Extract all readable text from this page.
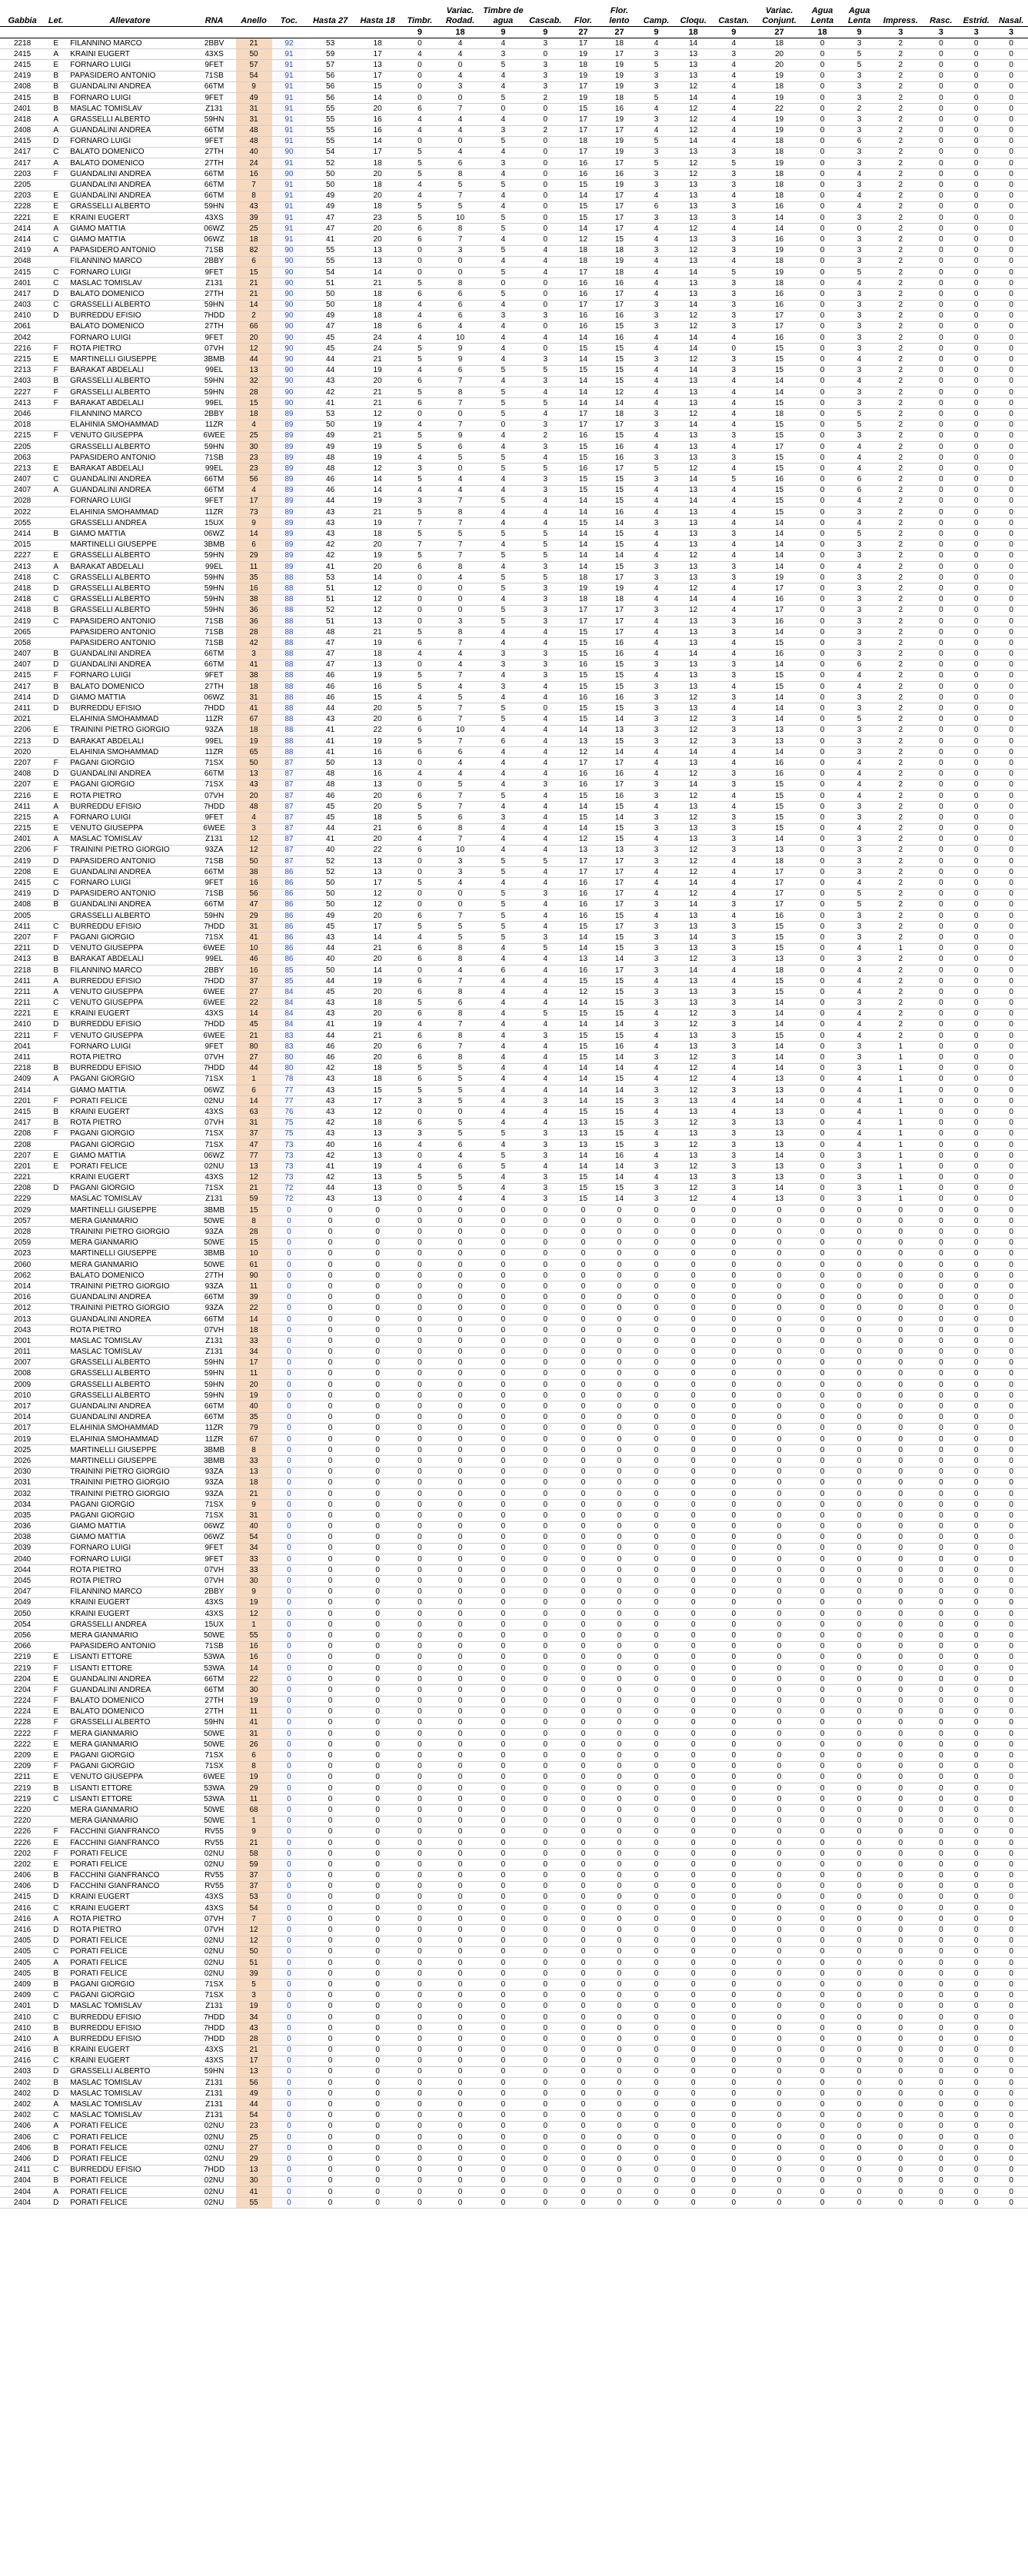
Gabbia	Let.	Allevatore	RNA	Anello	Toc.	Hasta 27	Hasta 18	Timbr.	Variac. Rodad.	Timbre de agua	Cascab.	Flor.	Flor. lento	Camp.	Cloqu.	Castan.	Variac. Conjunt.	Agua Lenta	Agua Lenta	Impress.	Rasc.	Estrid.	Nasal.
								9	18	9	9	27	27	9	18	9	27	18	9	3	3	3	3
2218	E	FILANNINO MARCO	2BBV	21	92	53	18	0	4	4	3	17	18	4	14	4	18	0	3	2	0	0	0
2415	A	KRAINI EUGERT	43XS	50	91	59	17	4	4	3	0	19	17	3	13	3	20	0	5	2	0	0	0
2415	E	FORNARO LUIGI	9FET	57	91	57	13	0	0	5	3	18	19	5	13	4	20	0	5	2	0	0	0
2419	B	PAPASIDERO ANTONIO	71SB	54	91	56	17	0	4	4	3	19	19	3	13	4	19	0	3	2	0	0	0
2408	B	GUANDALINI ANDREA	66TM	9	91	56	15	0	3	4	3	17	19	3	12	4	18	0	3	2	0	0	0
2415	B	FORNARO LUIGI	9FET	49	91	56	14	0	0	5	2	19	18	5	14	4	19	0	3	2	0	0	0
2401	B	MASLAC TOMISLAV	Z131	31	91	55	20	6	7	0	0	15	16	4	12	4	22	0	2	2	0	0	0
2418	A	GRASSELLI ALBERTO	59HN	31	91	55	16	4	4	4	0	17	19	3	12	4	19	0	3	2	0	0	0
2408	A	GUANDALINI ANDREA	66TM	48	91	55	16	4	4	3	2	17	17	4	12	4	19	0	3	2	0	0	0
2415	D	FORNARO LUIGI	9FET	48	91	55	14	0	0	5	0	18	19	5	14	4	18	0	6	2	0	0	0
2417	C	BALATO DOMENICO	27TH	40	90	54	17	5	4	4	0	17	19	3	13	3	18	0	3	2	0	0	0
2417	A	BALATO DOMENICO	27TH	24	91	52	18	5	6	3	0	16	17	5	12	5	19	0	3	2	0	0	0
2203	F	GUANDALINI ANDREA	66TM	16	90	50	20	5	8	4	0	16	16	3	12	3	18	0	4	2	0	0	0
2205		GUANDALINI ANDREA	66TM	7	91	50	18	4	5	5	0	15	19	3	13	3	18	0	3	2	0	0	0
2203	E	GUANDALINI ANDREA	66TM	8	91	49	20	4	7	4	0	14	17	4	13	4	18	0	4	2	0	0	0
2228	E	GRASSELLI ALBERTO	59HN	43	91	49	18	5	5	4	0	15	17	6	13	3	16	0	4	2	0	0	0
2221	E	KRAINI EUGERT	43XS	39	91	47	23	5	10	5	0	15	17	3	13	3	14	0	3	2	0	0	0
2414	A	GIAMO MATTIA	06WZ	25	91	47	20	6	8	5	0	14	17	4	12	4	14	0	0	2	0	0	0
2414	C	GIAMO MATTIA	06WZ	18	91	41	20	6	7	4	0	12	15	4	13	3	16	0	3	2	0	0	0
2419	A	PAPASIDERO ANTONIO	71SB	82	90	55	13	0	3	5	4	18	18	3	12	3	19	0	3	2	0	0	0
2048		FILANNINO MARCO	2BBY	6	90	55	13	0	0	4	4	18	19	4	13	4	18	0	3	2	0	0	0
2415	C	FORNARO LUIGI	9FET	15	90	54	14	0	0	5	4	17	18	4	14	5	19	0	5	2	0	0	0
2401	C	MASLAC TOMISLAV	Z131	21	90	51	21	5	8	0	0	16	16	4	13	3	18	0	4	2	0	0	0
2417	D	BALATO DOMENICO	27TH	21	90	50	18	6	6	5	0	16	17	4	13	3	16	0	3	2	0	0	0
2403	C	GRASSELLI ALBERTO	59HN	14	90	50	18	4	6	4	0	17	17	3	14	3	16	0	3	2	0	0	0
2410	D	BURREDDU EFISIO	7HDD	2	90	49	18	4	6	3	3	16	16	3	12	3	17	0	3	2	0	0	0
2061		BALATO DOMENICO	27TH	66	90	47	18	6	4	4	0	16	15	3	12	3	17	0	3	2	0	0	0
2042		FORNARO LUIGI	9FET	20	90	45	24	4	10	4	4	14	16	4	14	4	16	0	3	2	0	0	0
2216	F	ROTA PIETRO	07VH	12	90	45	24	5	9	4	0	15	15	4	14	0	15	0	3	2	0	0	0
2215	E	MARTINELLI GIUSEPPE	3BMB	44	90	44	21	5	9	4	3	14	15	3	12	3	15	0	4	2	0	0	0
2213	F	BARAKAT ABDELALI	99EL	13	90	44	19	4	6	5	5	15	15	4	14	3	15	0	3	2	0	0	0
2403	B	GRASSELLI ALBERTO	59HN	32	90	43	20	6	7	4	3	14	15	4	13	4	14	0	4	2	0	0	0
2227	F	GRASSELLI ALBERTO	59HN	28	90	42	21	5	8	5	4	14	12	4	13	4	14	0	3	2	0	0	0
2413	F	BARAKAT ABDELALI	99EL	15	90	41	21	6	7	5	5	14	14	4	13	4	15	0	3	2	0	0	0
2046		FILANNINO MARCO	2BBY	18	89	53	12	0	0	5	4	17	18	3	12	4	18	0	5	2	0	0	0
2018		ELAHINIA SMOHAMMAD	11ZR	4	89	50	19	4	7	0	3	17	17	3	14	4	15	0	5	2	0	0	0
2215	F	VENUTO GIUSEPPA	6WEE	25	89	49	21	5	9	4	2	16	15	4	13	3	15	0	3	2	0	0	0
2205		GRASSELLI ALBERTO	59HN	30	89	49	19	5	6	4	3	15	16	4	13	4	17	0	4	2	0	0	0
2063		PAPASIDERO ANTONIO	71SB	23	89	48	19	4	5	5	4	15	16	3	13	3	15	0	4	2	0	0	0
2213	E	BARAKAT ABDELALI	99EL	23	89	48	12	3	0	5	5	16	17	5	12	4	15	0	4	2	0	0	0
2407	C	GUANDALINI ANDREA	66TM	56	89	46	14	5	4	4	3	15	15	3	14	5	16	0	6	2	0	0	0
2407	A	GUANDALINI ANDREA	66TM	4	89	46	14	4	4	4	3	15	15	4	13	4	15	0	6	2	0	0	0
2028		FORNARO LUIGI	9FET	17	89	44	19	3	7	5	4	14	15	4	14	4	15	0	4	2	0	0	0
2022		ELAHINIA SMOHAMMAD	11ZR	73	89	43	21	5	8	4	4	14	16	4	13	4	15	0	3	2	0	0	0
2055		GRASSELLI ANDREA	15UX	9	89	43	19	7	7	4	4	15	14	3	13	4	14	0	4	2	0	0	0
2414	B	GIAMO MATTIA	06WZ	14	89	43	18	5	5	5	5	14	15	4	13	3	14	0	5	2	0	0	0
2015		MARTINELLI GIUSEPPE	3BMB	6	89	42	20	7	7	4	5	14	15	4	13	4	14	0	3	2	0	0	0
2227	E	GRASSELLI ALBERTO	59HN	29	89	42	19	5	7	5	5	14	14	4	12	4	14	0	3	2	0	0	0
2413	A	BARAKAT ABDELALI	99EL	11	89	41	20	6	8	4	3	14	15	3	13	3	14	0	4	2	0	0	0
2418	C	GRASSELLI ALBERTO	59HN	35	88	53	14	0	4	5	5	18	17	3	13	3	19	0	3	2	0	0	0
2418	D	GRASSELLI ALBERTO	59HN	16	88	51	12	0	0	5	3	19	19	4	12	4	17	0	3	2	0	0	0
2418	C	GRASSELLI ALBERTO	59HN	38	88	51	12	0	0	4	3	18	18	4	14	4	16	0	3	2	0	0	0
2418	B	GRASSELLI ALBERTO	59HN	36	88	52	12	0	0	5	3	17	17	3	12	4	17	0	3	2	0	0	0
2419	C	PAPASIDERO ANTONIO	71SB	36	88	51	13	0	3	5	3	17	17	4	13	3	16	0	3	2	0	0	0
2065		PAPASIDERO ANTONIO	71SB	28	88	48	21	5	8	4	4	15	17	4	13	3	14	0	3	2	0	0	0
2058		PAPASIDERO ANTONIO	71SB	42	88	47	19	6	7	4	4	15	16	4	13	4	15	0	3	2	0	0	0
2407	B	GUANDALINI ANDREA	66TM	3	88	47	18	4	4	3	3	15	16	4	14	4	16	0	3	2	0	0	0
2407	D	GUANDALINI ANDREA	66TM	41	88	47	13	0	4	3	3	16	15	3	13	3	14	0	6	2	0	0	0
2415	F	FORNARO LUIGI	9FET	38	88	46	19	5	7	4	3	15	15	4	13	3	15	0	4	2	0	0	0
2417	B	BALATO DOMENICO	27TH	18	88	46	16	5	4	3	4	15	15	3	13	4	15	0	4	2	0	0	0
2414	D	GIAMO MATTIA	06WZ	31	88	46	15	4	5	4	4	16	16	3	12	3	14	0	3	2	0	0	0
2411	D	BURREDDU EFISIO	7HDD	41	88	44	20	5	7	5	0	15	15	3	13	4	14	0	3	2	0	0	0
2021		ELAHINIA SMOHAMMAD	11ZR	67	88	43	20	6	7	5	4	15	14	3	12	3	14	0	5	2	0	0	0
2206	E	TRAININI PIETRO GIORGIO	93ZA	18	88	41	22	6	10	4	4	14	13	3	12	3	13	0	3	2	0	0	0
2213	D	BARAKAT ABDELALI	99EL	19	88	41	19	5	7	6	4	13	15	3	12	3	13	0	3	2	0	0	0
2020		ELAHINIA SMOHAMMAD	11ZR	65	88	41	16	6	6	4	4	12	14	4	14	4	14	0	3	2	0	0	0
2207	F	PAGANI GIORGIO	71SX	50	87	50	13	0	4	4	4	17	17	4	13	4	16	0	4	2	0	0	0
2408	D	GUANDALINI ANDREA	66TM	13	87	48	16	4	4	4	4	16	16	4	12	3	16	0	4	2	0	0	0
2207	E	PAGANI GIORGIO	71SX	43	87	48	13	0	5	4	3	16	17	3	14	3	15	0	4	2	0	0	0
2216	E	ROTA PIETRO	07VH	20	87	46	20	6	7	5	4	15	16	3	12	4	15	0	4	2	0	0	0
2411	A	BURREDDU EFISIO	7HDD	48	87	45	20	5	7	4	4	14	15	4	13	4	15	0	3	2	0	0	0
2215	A	FORNARO LUIGI	9FET	4	87	45	18	5	6	3	4	15	14	3	12	3	15	0	3	2	0	0	0
2215	E	VENUTO GIUSEPPA	6WEE	3	87	44	21	6	8	4	4	14	15	3	13	3	15	0	4	2	0	0	0
2401	A	MASLAC TOMISLAV	Z131	12	87	41	20	4	7	4	4	12	15	4	13	3	14	0	3	2	0	0	0
2206	F	TRAININI PIETRO GIORGIO	93ZA	12	87	40	22	6	10	4	4	13	13	3	12	3	13	0	3	2	0	0	0
2419	D	PAPASIDERO ANTONIO	71SB	50	87	52	13	0	3	5	5	17	17	3	12	4	18	0	3	2	0	0	0
2208	E	GUANDALINI ANDREA	66TM	38	86	52	13	0	3	5	4	17	17	4	12	4	17	0	3	2	0	0	0
2415	C	FORNARO LUIGI	9FET	16	86	50	17	5	4	4	4	16	17	4	14	4	17	0	4	2	0	0	0
2419	D	PAPASIDERO ANTONIO	71SB	56	86	50	12	0	0	5	3	16	17	4	12	4	17	0	5	2	0	0	0
2408	B	GUANDALINI ANDREA	66TM	47	86	50	12	0	0	5	4	16	17	3	14	3	17	0	5	2	0	0	0
2005		GRASSELLI ALBERTO	59HN	29	86	49	20	6	7	5	4	16	15	4	13	4	16	0	3	2	0	0	0
2411	C	BURREDDU EFISIO	7HDD	31	86	45	17	5	5	5	4	15	17	3	13	3	15	0	3	2	0	0	0
2207	F	PAGANI GIORGIO	71SX	41	86	43	14	4	5	5	3	14	15	3	14	3	15	0	3	2	0	0	0
2211	D	VENUTO GIUSEPPA	6WEE	10	86	44	21	6	8	4	5	14	15	3	13	3	15	0	4	1	0	0	0
2413	B	BARAKAT ABDELALI	99EL	46	86	40	20	6	8	4	4	13	14	3	12	3	13	0	3	2	0	0	0
2218	B	FILANNINO MARCO	2BBY	16	85	50	14	0	4	6	4	16	17	3	14	4	18	0	4	2	0	0	0
2411	A	BURREDDU EFISIO	7HDD	37	85	44	19	6	7	4	4	15	15	4	13	4	15	0	4	2	0	0	0
2211	A	VENUTO GIUSEPPA	6WEE	27	84	45	20	6	8	4	4	12	15	3	13	3	15	0	4	2	0	0	0
2211	C	VENUTO GIUSEPPA	6WEE	22	84	43	18	5	6	4	4	14	15	3	13	3	14	0	3	2	0	0	0
2221	E	KRAINI EUGERT	43XS	14	84	43	20	6	8	4	5	15	15	4	12	3	14	0	4	2	0	0	0
2410	D	BURREDDU EFISIO	7HDD	45	84	41	19	4	7	4	4	14	14	3	12	3	14	0	4	2	0	0	0
2211	F	VENUTO GIUSEPPA	6WEE	21	83	44	21	6	8	4	3	15	15	4	13	3	15	0	4	2	0	0	0
2041		FORNARO LUIGI	9FET	80	83	46	20	6	7	4	4	15	16	4	13	3	14	0	3	1	0	0	0
2411		ROTA PIETRO	07VH	27	80	46	20	6	8	4	4	15	14	3	12	3	14	0	3	1	0	0	0
2218	B	BURREDDU EFISIO	7HDD	44	80	42	18	5	5	4	4	14	14	4	12	4	14	0	3	1	0	0	0
2409	A	PAGANI GIORGIO	71SX	1	78	43	18	6	5	4	4	14	15	4	12	4	13	0	4	1	0	0	0
2414		GIAMO MATTIA	06WZ	6	77	43	15	5	5	4	4	14	14	3	12	3	13	0	4	1	0	0	0
2201	F	PORATI FELICE	02NU	14	77	43	17	3	5	4	3	14	15	3	13	4	14	0	4	1	0	0	0
2415	B	KRAINI EUGERT	43XS	63	76	43	12	0	0	4	4	15	15	4	13	4	13	0	4	1	0	0	0
2417	B	ROTA PIETRO	07VH	31	75	42	18	6	5	4	4	13	15	3	12	3	13	0	4	1	0	0	0
2208	F	PAGANI GIORGIO	71SX	37	75	43	13	3	5	5	3	13	15	4	13	3	13	0	4	1	0	0	0
2208		PAGANI GIORGIO	71SX	47	73	40	16	4	6	4	3	13	15	3	12	3	13	0	4	1	0	0	0
2207	E	GIAMO MATTIA	06WZ	77	73	42	13	0	4	5	3	14	16	4	13	3	14	0	3	1	0	0	0
2201	E	PORATI FELICE	02NU	13	73	41	19	4	6	5	4	14	14	3	12	3	13	0	3	1	0	0	0
2221		KRAINI EUGERT	43XS	12	73	42	13	5	5	4	3	15	14	4	13	3	13	0	3	1	0	0	0
2208	D	PAGANI GIORGIO	71SX	21	72	44	13	0	5	4	3	15	15	3	12	3	14	0	3	1	0	0	0
2229		MASLAC TOMISLAV	Z131	59	72	43	13	0	4	4	3	15	14	3	12	4	13	0	3	1	0	0	0
2029		MARTINELLI GIUSEPPE	3BMB	15	0	0	0	0	0	0	0	0	0	0	0	0	0	0	0	0	0	0	0
2057		MERA GIANMARIO	50WE	8	0	0	0	0	0	0	0	0	0	0	0	0	0	0	0	0	0	0	0
2028		TRAININI PIETRO GIORGIO	93ZA	28	0	0	0	0	0	0	0	0	0	0	0	0	0	0	0	0	0	0	0
2059		MERA GIANMARIO	50WE	15	0	0	0	0	0	0	0	0	0	0	0	0	0	0	0	0	0	0	0
2023		MARTINELLI GIUSEPPE	3BMB	10	0	0	0	0	0	0	0	0	0	0	0	0	0	0	0	0	0	0	0
2060		MERA GIANMARIO	50WE	61	0	0	0	0	0	0	0	0	0	0	0	0	0	0	0	0	0	0	0
2062		BALATO DOMENICO	27TH	90	0	0	0	0	0	0	0	0	0	0	0	0	0	0	0	0	0	0	0
2014		TRAININI PIETRO GIORGIO	93ZA	11	0	0	0	0	0	0	0	0	0	0	0	0	0	0	0	0	0	0	0
2016		GUANDALINI ANDREA	66TM	39	0	0	0	0	0	0	0	0	0	0	0	0	0	0	0	0	0	0	0
2012		TRAININI PIETRO GIORGIO	93ZA	22	0	0	0	0	0	0	0	0	0	0	0	0	0	0	0	0	0	0	0
2013		GUANDALINI ANDREA	66TM	14	0	0	0	0	0	0	0	0	0	0	0	0	0	0	0	0	0	0	0
2043		ROTA PIETRO	07VH	18	0	0	0	0	0	0	0	0	0	0	0	0	0	0	0	0	0	0	0
2001		MASLAC TOMISLAV	Z131	33	0	0	0	0	0	0	0	0	0	0	0	0	0	0	0	0	0	0	0
2011		MASLAC TOMISLAV	Z131	34	0	0	0	0	0	0	0	0	0	0	0	0	0	0	0	0	0	0	0
2007		GRASSELLI ALBERTO	59HN	17	0	0	0	0	0	0	0	0	0	0	0	0	0	0	0	0	0	0	0
2008		GRASSELLI ALBERTO	59HN	11	0	0	0	0	0	0	0	0	0	0	0	0	0	0	0	0	0	0	0
2009		GRASSELLI ALBERTO	59HN	20	0	0	0	0	0	0	0	0	0	0	0	0	0	0	0	0	0	0	0
2010		GRASSELLI ALBERTO	59HN	19	0	0	0	0	0	0	0	0	0	0	0	0	0	0	0	0	0	0	0
2017		GUANDALINI ANDREA	66TM	40	0	0	0	0	0	0	0	0	0	0	0	0	0	0	0	0	0	0	0
2014		GUANDALINI ANDREA	66TM	35	0	0	0	0	0	0	0	0	0	0	0	0	0	0	0	0	0	0	0
2017		ELAHINIA SMOHAMMAD	11ZR	79	0	0	0	0	0	0	0	0	0	0	0	0	0	0	0	0	0	0	0
2019		ELAHINIA SMOHAMMAD	11ZR	67	0	0	0	0	0	0	0	0	0	0	0	0	0	0	0	0	0	0	0
2025		MARTINELLI GIUSEPPE	3BMB	8	0	0	0	0	0	0	0	0	0	0	0	0	0	0	0	0	0	0	0
2026		MARTINELLI GIUSEPPE	3BMB	33	0	0	0	0	0	0	0	0	0	0	0	0	0	0	0	0	0	0	0
2030		TRAININI PIETRO GIORGIO	93ZA	13	0	0	0	0	0	0	0	0	0	0	0	0	0	0	0	0	0	0	0
2031		TRAININI PIETRO GIORGIO	93ZA	18	0	0	0	0	0	0	0	0	0	0	0	0	0	0	0	0	0	0	0
2032		TRAININI PIETRO GIORGIO	93ZA	21	0	0	0	0	0	0	0	0	0	0	0	0	0	0	0	0	0	0	0
2034		PAGANI GIORGIO	71SX	9	0	0	0	0	0	0	0	0	0	0	0	0	0	0	0	0	0	0	0
2035		PAGANI GIORGIO	71SX	31	0	0	0	0	0	0	0	0	0	0	0	0	0	0	0	0	0	0	0
2036		GIAMO MATTIA	06WZ	40	0	0	0	0	0	0	0	0	0	0	0	0	0	0	0	0	0	0	0
2038		GIAMO MATTIA	06WZ	54	0	0	0	0	0	0	0	0	0	0	0	0	0	0	0	0	0	0	0
2039		FORNARO LUIGI	9FET	34	0	0	0	0	0	0	0	0	0	0	0	0	0	0	0	0	0	0	0
2040		FORNARO LUIGI	9FET	33	0	0	0	0	0	0	0	0	0	0	0	0	0	0	0	0	0	0	0
2044		ROTA PIETRO	07VH	33	0	0	0	0	0	0	0	0	0	0	0	0	0	0	0	0	0	0	0
2045		ROTA PIETRO	07VH	30	0	0	0	0	0	0	0	0	0	0	0	0	0	0	0	0	0	0	0
2047		FILANNINO MARCO	2BBY	9	0	0	0	0	0	0	0	0	0	0	0	0	0	0	0	0	0	0	0
2049		KRAINI EUGERT	43XS	19	0	0	0	0	0	0	0	0	0	0	0	0	0	0	0	0	0	0	0
2050		KRAINI EUGERT	43XS	12	0	0	0	0	0	0	0	0	0	0	0	0	0	0	0	0	0	0	0
2054		GRASSELLI ANDREA	15UX	1	0	0	0	0	0	0	0	0	0	0	0	0	0	0	0	0	0	0	0
2056		MERA GIANMARIO	50WE	55	0	0	0	0	0	0	0	0	0	0	0	0	0	0	0	0	0	0	0
2066		PAPASIDERO ANTONIO	71SB	16	0	0	0	0	0	0	0	0	0	0	0	0	0	0	0	0	0	0	0
2219	E	LISANTI ETTORE	53WA	16	0	0	0	0	0	0	0	0	0	0	0	0	0	0	0	0	0	0	0
2219	F	LISANTI ETTORE	53WA	14	0	0	0	0	0	0	0	0	0	0	0	0	0	0	0	0	0	0	0
2204	E	GUANDALINI ANDREA	66TM	22	0	0	0	0	0	0	0	0	0	0	0	0	0	0	0	0	0	0	0
2204	F	GUANDALINI ANDREA	66TM	30	0	0	0	0	0	0	0	0	0	0	0	0	0	0	0	0	0	0	0
2224	F	BALATO DOMENICO	27TH	19	0	0	0	0	0	0	0	0	0	0	0	0	0	0	0	0	0	0	0
2224	E	BALATO DOMENICO	27TH	11	0	0	0	0	0	0	0	0	0	0	0	0	0	0	0	0	0	0	0
2228	F	GRASSELLI ALBERTO	59HN	41	0	0	0	0	0	0	0	0	0	0	0	0	0	0	0	0	0	0	0
2222	F	MERA GIANMARIO	50WE	31	0	0	0	0	0	0	0	0	0	0	0	0	0	0	0	0	0	0	0
2222	E	MERA GIANMARIO	50WE	26	0	0	0	0	0	0	0	0	0	0	0	0	0	0	0	0	0	0	0
2209	E	PAGANI GIORGIO	71SX	6	0	0	0	0	0	0	0	0	0	0	0	0	0	0	0	0	0	0	0
2209	F	PAGANI GIORGIO	71SX	8	0	0	0	0	0	0	0	0	0	0	0	0	0	0	0	0	0	0	0
2211	E	VENUTO GIUSEPPA	6WEE	19	0	0	0	0	0	0	0	0	0	0	0	0	0	0	0	0	0	0	0
2219	B	LISANTI ETTORE	53WA	29	0	0	0	0	0	0	0	0	0	0	0	0	0	0	0	0	0	0	0
2219	C	LISANTI ETTORE	53WA	11	0	0	0	0	0	0	0	0	0	0	0	0	0	0	0	0	0	0	0
2220		MERA GIANMARIO	50WE	68	0	0	0	0	0	0	0	0	0	0	0	0	0	0	0	0	0	0	0
2220		MERA GIANMARIO	50WE	1	0	0	0	0	0	0	0	0	0	0	0	0	0	0	0	0	0	0	0
2226	F	FACCHINI GIANFRANCO	RV55	9	0	0	0	0	0	0	0	0	0	0	0	0	0	0	0	0	0	0	0
2226	E	FACCHINI GIANFRANCO	RV55	21	0	0	0	0	0	0	0	0	0	0	0	0	0	0	0	0	0	0	0
2202	F	PORATI FELICE	02NU	58	0	0	0	0	0	0	0	0	0	0	0	0	0	0	0	0	0	0	0
2202	E	PORATI FELICE	02NU	59	0	0	0	0	0	0	0	0	0	0	0	0	0	0	0	0	0	0	0
2406	B	FACCHINI GIANFRANCO	RV55	37	0	0	0	0	0	0	0	0	0	0	0	0	0	0	0	0	0	0	0
2406	D	FACCHINI GIANFRANCO	RV55	37	0	0	0	0	0	0	0	0	0	0	0	0	0	0	0	0	0	0	0
2415	D	KRAINI EUGERT	43XS	53	0	0	0	0	0	0	0	0	0	0	0	0	0	0	0	0	0	0	0
2416	C	KRAINI EUGERT	43XS	54	0	0	0	0	0	0	0	0	0	0	0	0	0	0	0	0	0	0	0
2416	A	ROTA PIETRO	07VH	7	0	0	0	0	0	0	0	0	0	0	0	0	0	0	0	0	0	0	0
2416	D	ROTA PIETRO	07VH	12	0	0	0	0	0	0	0	0	0	0	0	0	0	0	0	0	0	0	0
2405	D	PORATI FELICE	02NU	12	0	0	0	0	0	0	0	0	0	0	0	0	0	0	0	0	0	0	0
2405	C	PORATI FELICE	02NU	50	0	0	0	0	0	0	0	0	0	0	0	0	0	0	0	0	0	0	0
2405	A	PORATI FELICE	02NU	51	0	0	0	0	0	0	0	0	0	0	0	0	0	0	0	0	0	0	0
2405	B	PORATI FELICE	02NU	39	0	0	0	0	0	0	0	0	0	0	0	0	0	0	0	0	0	0	0
2409	B	PAGANI GIORGIO	71SX	5	0	0	0	0	0	0	0	0	0	0	0	0	0	0	0	0	0	0	0
2409	C	PAGANI GIORGIO	71SX	3	0	0	0	0	0	0	0	0	0	0	0	0	0	0	0	0	0	0	0
2401	D	MASLAC TOMISLAV	Z131	19	0	0	0	0	0	0	0	0	0	0	0	0	0	0	0	0	0	0	0
2410	C	BURREDDU EFISIO	7HDD	34	0	0	0	0	0	0	0	0	0	0	0	0	0	0	0	0	0	0	0
2410	B	BURREDDU EFISIO	7HDD	43	0	0	0	0	0	0	0	0	0	0	0	0	0	0	0	0	0	0	0
2410	A	BURREDDU EFISIO	7HDD	28	0	0	0	0	0	0	0	0	0	0	0	0	0	0	0	0	0	0	0
2416	B	KRAINI EUGERT	43XS	21	0	0	0	0	0	0	0	0	0	0	0	0	0	0	0	0	0	0	0
2416	C	KRAINI EUGERT	43XS	17	0	0	0	0	0	0	0	0	0	0	0	0	0	0	0	0	0	0	0
2403	D	GRASSELLI ALBERTO	59HN	13	0	0	0	0	0	0	0	0	0	0	0	0	0	0	0	0	0	0	0
2402	B	MASLAC TOMISLAV	Z131	56	0	0	0	0	0	0	0	0	0	0	0	0	0	0	0	0	0	0	0
2402	D	MASLAC TOMISLAV	Z131	49	0	0	0	0	0	0	0	0	0	0	0	0	0	0	0	0	0	0	0
2402	A	MASLAC TOMISLAV	Z131	44	0	0	0	0	0	0	0	0	0	0	0	0	0	0	0	0	0	0	0
2402	C	MASLAC TOMISLAV	Z131	54	0	0	0	0	0	0	0	0	0	0	0	0	0	0	0	0	0	0	0
2406	A	PORATI FELICE	02NU	23	0	0	0	0	0	0	0	0	0	0	0	0	0	0	0	0	0	0	0
2406	C	PORATI FELICE	02NU	25	0	0	0	0	0	0	0	0	0	0	0	0	0	0	0	0	0	0	0
2406	B	PORATI FELICE	02NU	27	0	0	0	0	0	0	0	0	0	0	0	0	0	0	0	0	0	0	0
2406	D	PORATI FELICE	02NU	29	0	0	0	0	0	0	0	0	0	0	0	0	0	0	0	0	0	0	0
2411	C	BURREDDU EFISIO	7HDD	13	0	0	0	0	0	0	0	0	0	0	0	0	0	0	0	0	0	0	0
2404	B	PORATI FELICE	02NU	30	0	0	0	0	0	0	0	0	0	0	0	0	0	0	0	0	0	0	0
2404	A	PORATI FELICE	02NU	41	0	0	0	0	0	0	0	0	0	0	0	0	0	0	0	0	0	0	0
2404	D	PORATI FELICE	02NU	55	0	0	0	0	0	0	0	0	0	0	0	0	0	0	0	0	0	0	0
